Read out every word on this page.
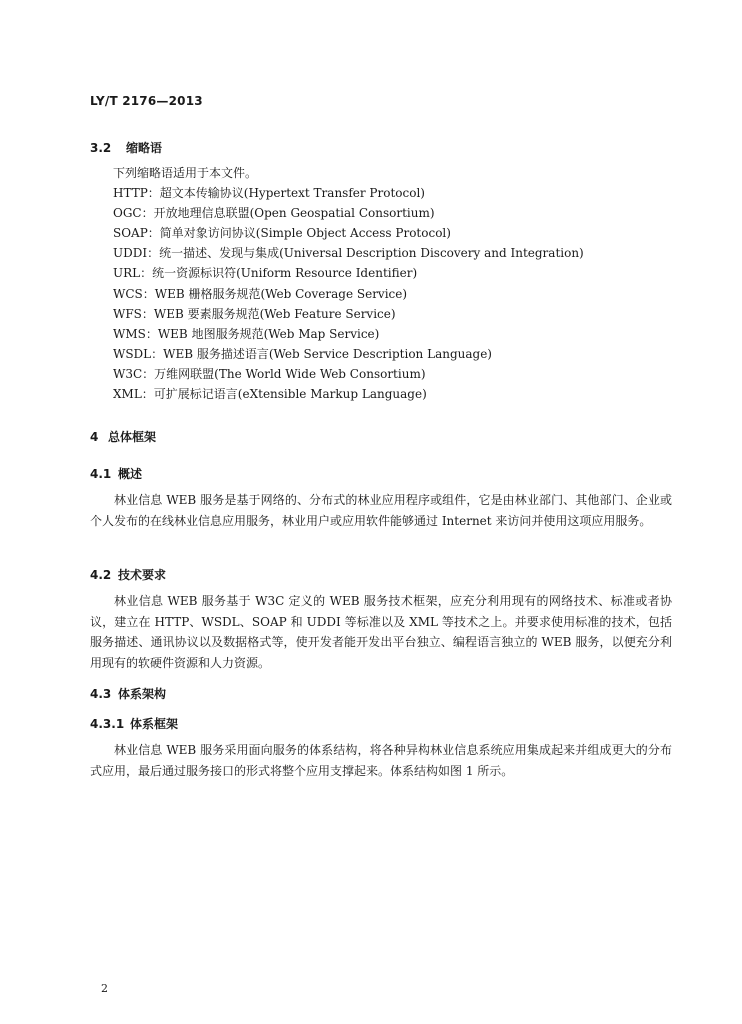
LY/T 2176—2013
3.2 缩略语
下列缩略语适用于本文件。
HTTP：超文本传输协议(Hypertext Transfer Protocol)
OGC：开放地理信息联盟(Open Geospatial Consortium)
SOAP：简单对象访问协议(Simple Object Access Protocol)
UDDI：统一描述、发现与集成(Universal Description Discovery and Integration)
URL：统一资源标识符(Uniform Resource Identifier)
WCS：WEB 栅格服务规范(Web Coverage Service)
WFS：WEB 要素服务规范(Web Feature Service)
WMS：WEB 地图服务规范(Web Map Service)
WSDL：WEB 服务描述语言(Web Service Description Language)
W3C：万维网联盟(The World Wide Web Consortium)
XML：可扩展标记语言(eXtensible Markup Language)
4 总体框架
4.1 概述

林业信息 WEB 服务是基于网络的、分布式的林业应用程序或组件，它是由林业部门、其他部门、企业或个人发布的在线林业信息应用服务，林业用户或应用软件能够通过 Internet 来访问并使用这项应用服务。

4.2 技术要求

林业信息 WEB 服务基于 W3C 定义的 WEB 服务技术框架，应充分利用现有的网络技术、标准或者协议，建立在 HTTP、WSDL、SOAP 和 UDDI 等标准以及 XML 等技术之上。并要求使用标准的技术，包括服务描述、通讯协议以及数据格式等，使开发者能开发出平台独立、编程语言独立的 WEB 服务，以便充分利用现有的软硬件资源和人力资源。

4.3 体系架构
4.3.1 体系框架

林业信息 WEB 服务采用面向服务的体系结构，将各种异构林业信息系统应用集成起来并组成更大的分布式应用，最后通过服务接口的形式将整个应用支撑起来。体系结构如图 1 所示。

2
